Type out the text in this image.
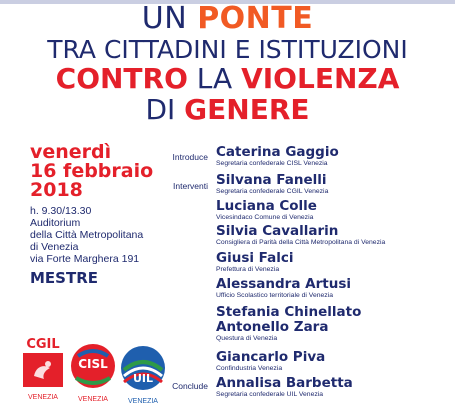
UN PONTE
TRA CITTADINI E ISTITUZIONI
CONTRO LA VIOLENZA
DI GENERE
venerdì
16 febbraio
2018
h. 9.30/13.30
Auditorium
della Città Metropolitana
di Venezia
via Forte Marghera 191
MESTRE
Introduce
Interventi
Conclude
Caterina Gaggio
Segretaria confederale CISL Venezia
Silvana Fanelli
Segretaria confederale CGIL Venezia
Luciana Colle
Vicesindaco Comune di Venezia
Silvia Cavallarin
Consigliera di Parità della Città Metropolitana di Venezia
Giusi Falci
Prefettura di Venezia
Alessandra Artusi
Ufficio Scolastico territoriale di Venezia
Stefania Chinellato
Antonello Zara
Questura di Venezia
Giancarlo Piva
Confindustria Venezia
Annalisa Barbetta
Segretaria confederale UIL Venezia
CGIL
VENEZIA
CISL
VENEZIA
UIL
VENEZIA
